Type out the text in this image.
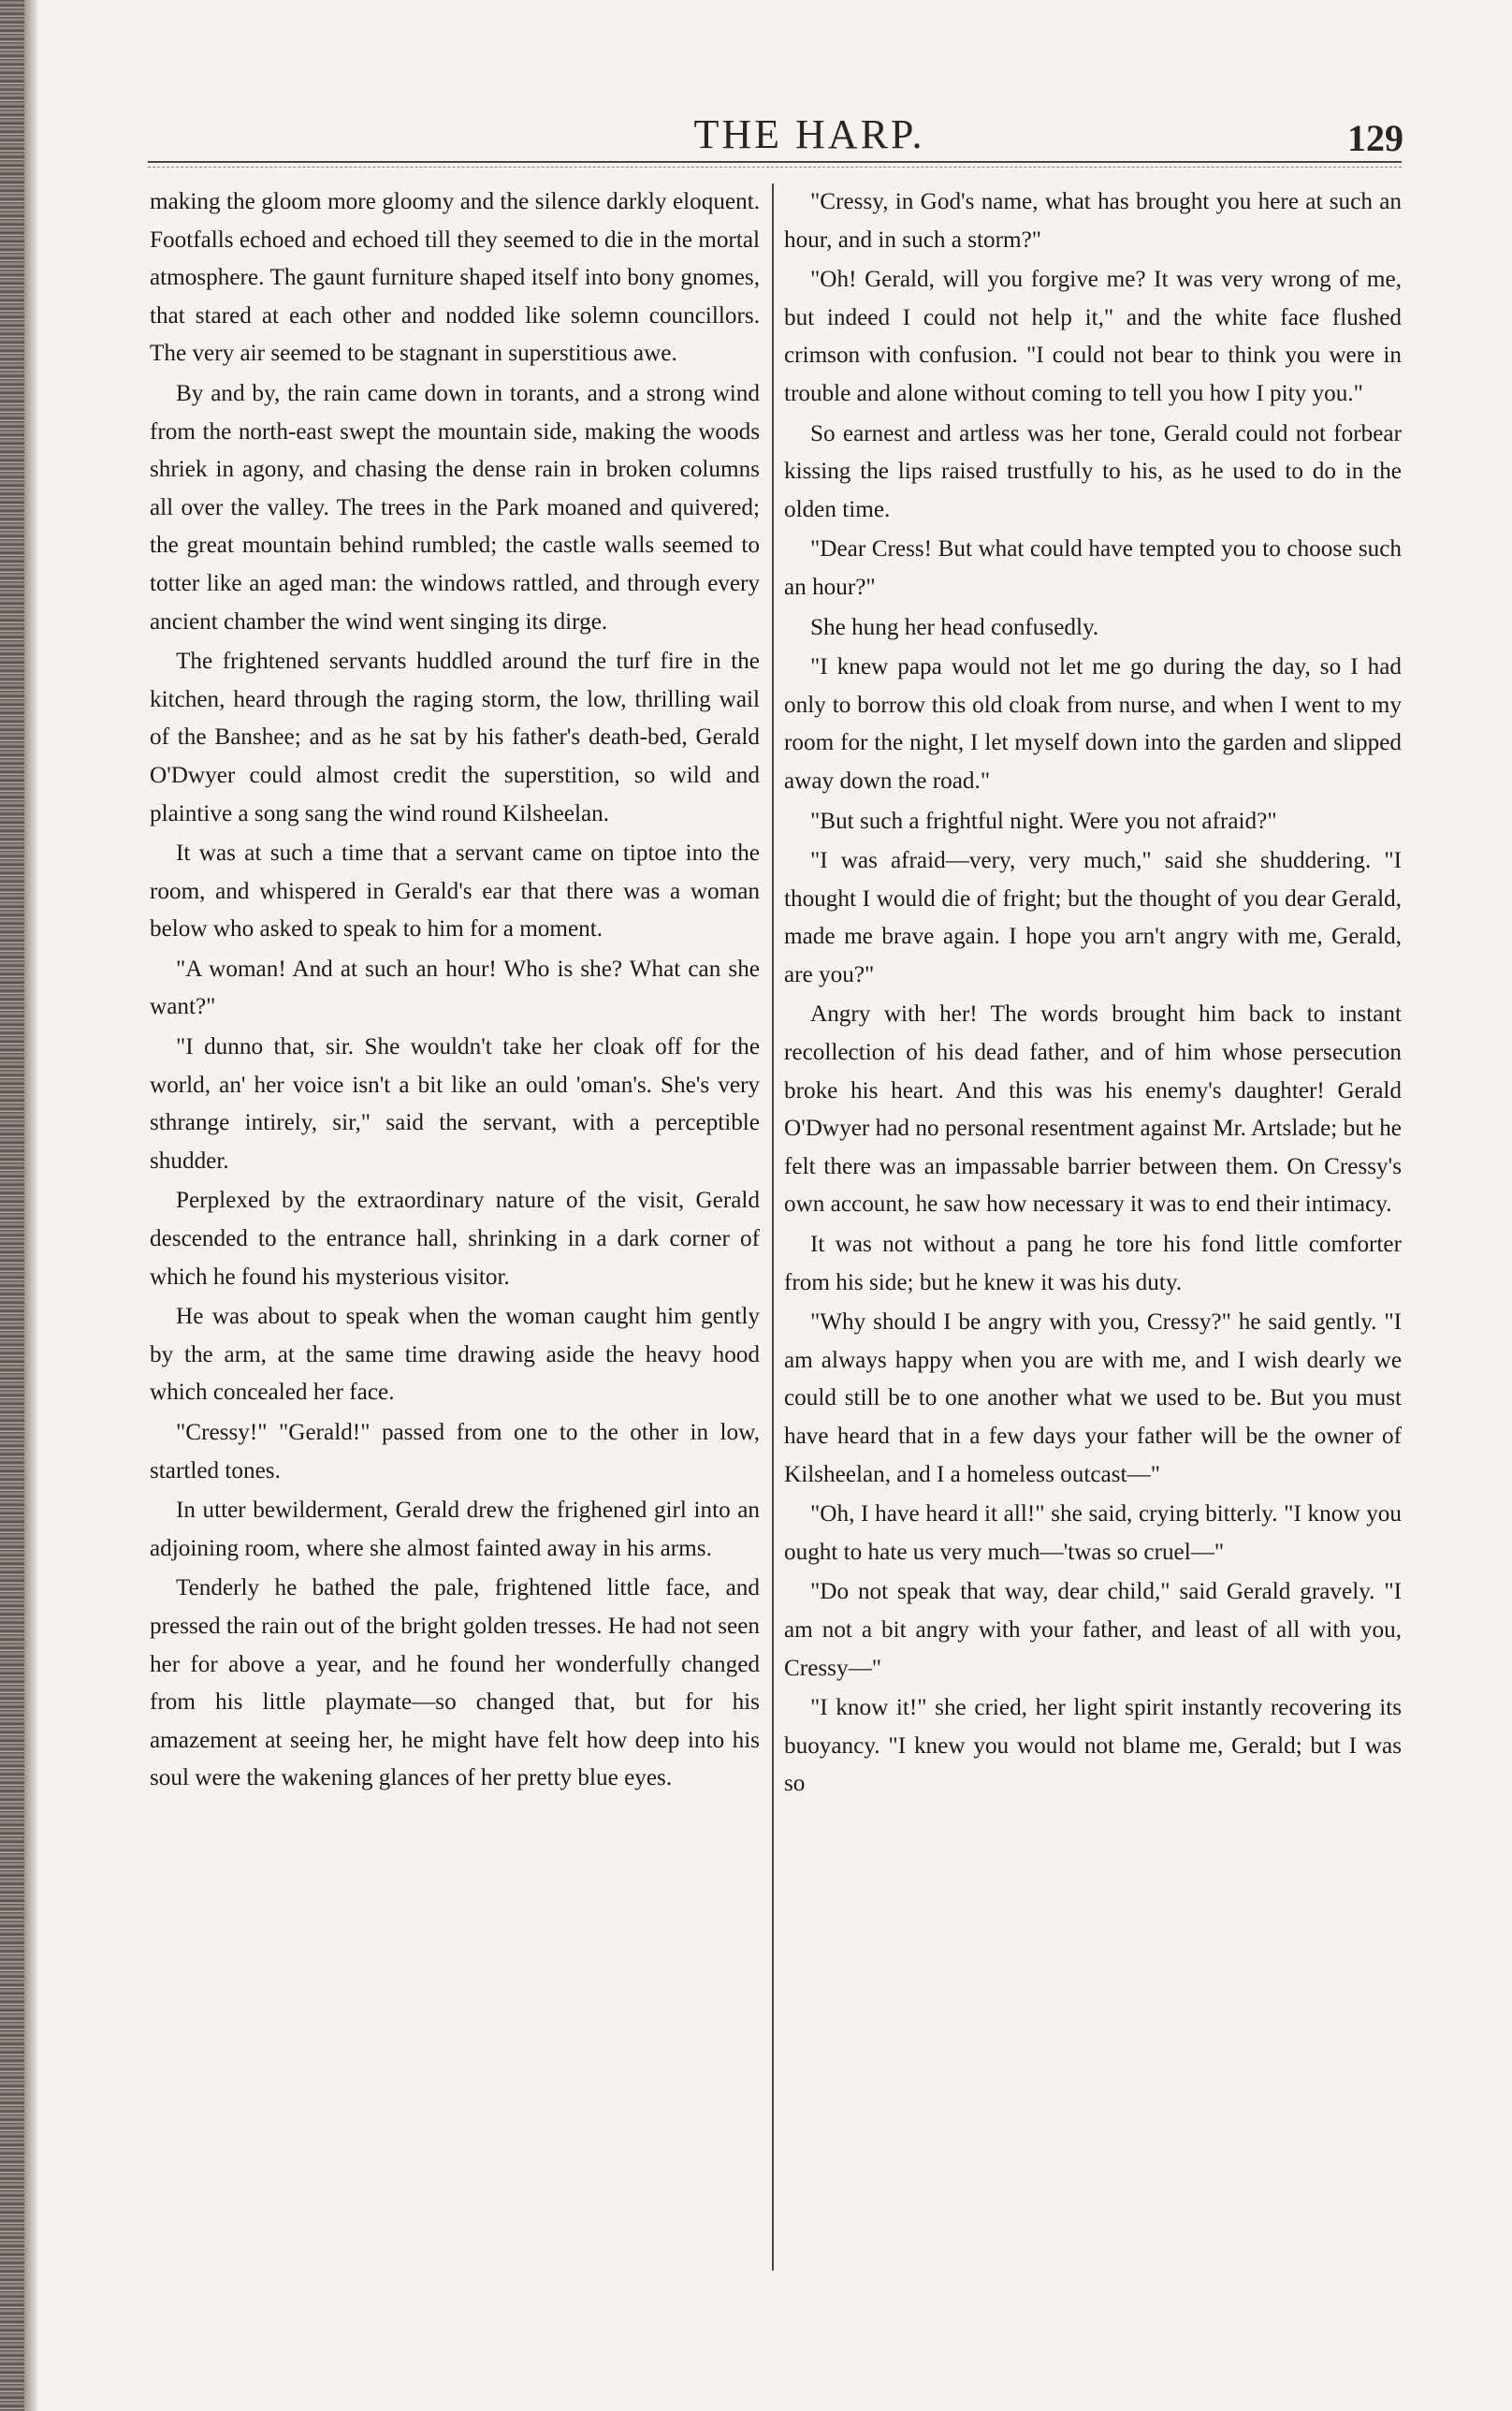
THE HARP.	129

making the gloom more gloomy and the silence darkly eloquent. Footfalls echoed and echoed till they seemed to die in the mortal atmosphere. The gaunt furniture shaped itself into bony gnomes, that stared at each other and nodded like solemn councillors. The very air seemed to be stagnant in superstitious awe.

By and by, the rain came down in torants, and a strong wind from the north-east swept the mountain side, making the woods shriek in agony, and chasing the dense rain in broken columns all over the valley. The trees in the Park moaned and quivered; the great mountain behind rumbled; the castle walls seemed to totter like an aged man: the windows rattled, and through every ancient chamber the wind went singing its dirge.

The frightened servants huddled around the turf fire in the kitchen, heard through the raging storm, the low, thrilling wail of the Banshee; and as he sat by his father's death-bed, Gerald O'Dwyer could almost credit the superstition, so wild and plaintive a song sang the wind round Kilsheelan.

It was at such a time that a servant came on tiptoe into the room, and whispered in Gerald's ear that there was a woman below who asked to speak to him for a moment.

"A woman! And at such an hour! Who is she? What can she want?"

"I dunno that, sir. She wouldn't take her cloak off for the world, an' her voice isn't a bit like an ould 'oman's. She's very sthrange intirely, sir," said the servant, with a perceptible shudder.

Perplexed by the extraordinary nature of the visit, Gerald descended to the entrance hall, shrinking in a dark corner of which he found his mysterious visitor.

He was about to speak when the woman caught him gently by the arm, at the same time drawing aside the heavy hood which concealed her face.

"Cressy!" "Gerald!" passed from one to the other in low, startled tones.

In utter bewilderment, Gerald drew the frighened girl into an adjoining room, where she almost fainted away in his arms.

Tenderly he bathed the pale, frightened little face, and pressed the rain out of the bright golden tresses. He had not seen her for above a year, and he found her wonderfully changed from his little playmate—so changed that, but for his amazement at seeing her, he might have felt how deep into his soul were the wakening glances of her pretty blue eyes.

"Cressy, in God's name, what has brought you here at such an hour, and in such a storm?"

"Oh! Gerald, will you forgive me? It was very wrong of me, but indeed I could not help it," and the white face flushed crimson with confusion. "I could not bear to think you were in trouble and alone without coming to tell you how I pity you."

So earnest and artless was her tone, Gerald could not forbear kissing the lips raised trustfully to his, as he used to do in the olden time.

"Dear Cress! But what could have tempted you to choose such an hour?"

She hung her head confusedly.

"I knew papa would not let me go during the day, so I had only to borrow this old cloak from nurse, and when I went to my room for the night, I let myself down into the garden and slipped away down the road."

"But such a frightful night. Were you not afraid?"

"I was afraid—very, very much," said she shuddering. "I thought I would die of fright; but the thought of you dear Gerald, made me brave again. I hope you arn't angry with me, Gerald, are you?"

Angry with her! The words brought him back to instant recollection of his dead father, and of him whose persecution broke his heart. And this was his enemy's daughter! Gerald O'Dwyer had no personal resentment against Mr. Artslade; but he felt there was an impassable barrier between them. On Cressy's own account, he saw how necessary it was to end their intimacy.

It was not without a pang he tore his fond little comforter from his side; but he knew it was his duty.

"Why should I be angry with you, Cressy?" he said gently. "I am always happy when you are with me, and I wish dearly we could still be to one another what we used to be. But you must have heard that in a few days your father will be the owner of Kilsheelan, and I a homeless outcast—"

"Oh, I have heard it all!" she said, crying bitterly. "I know you ought to hate us very much—'twas so cruel—"

"Do not speak that way, dear child," said Gerald gravely. "I am not a bit angry with your father, and least of all with you, Cressy—"

"I know it!" she cried, her light spirit instantly recovering its buoyancy. "I knew you would not blame me, Gerald; but I was so
